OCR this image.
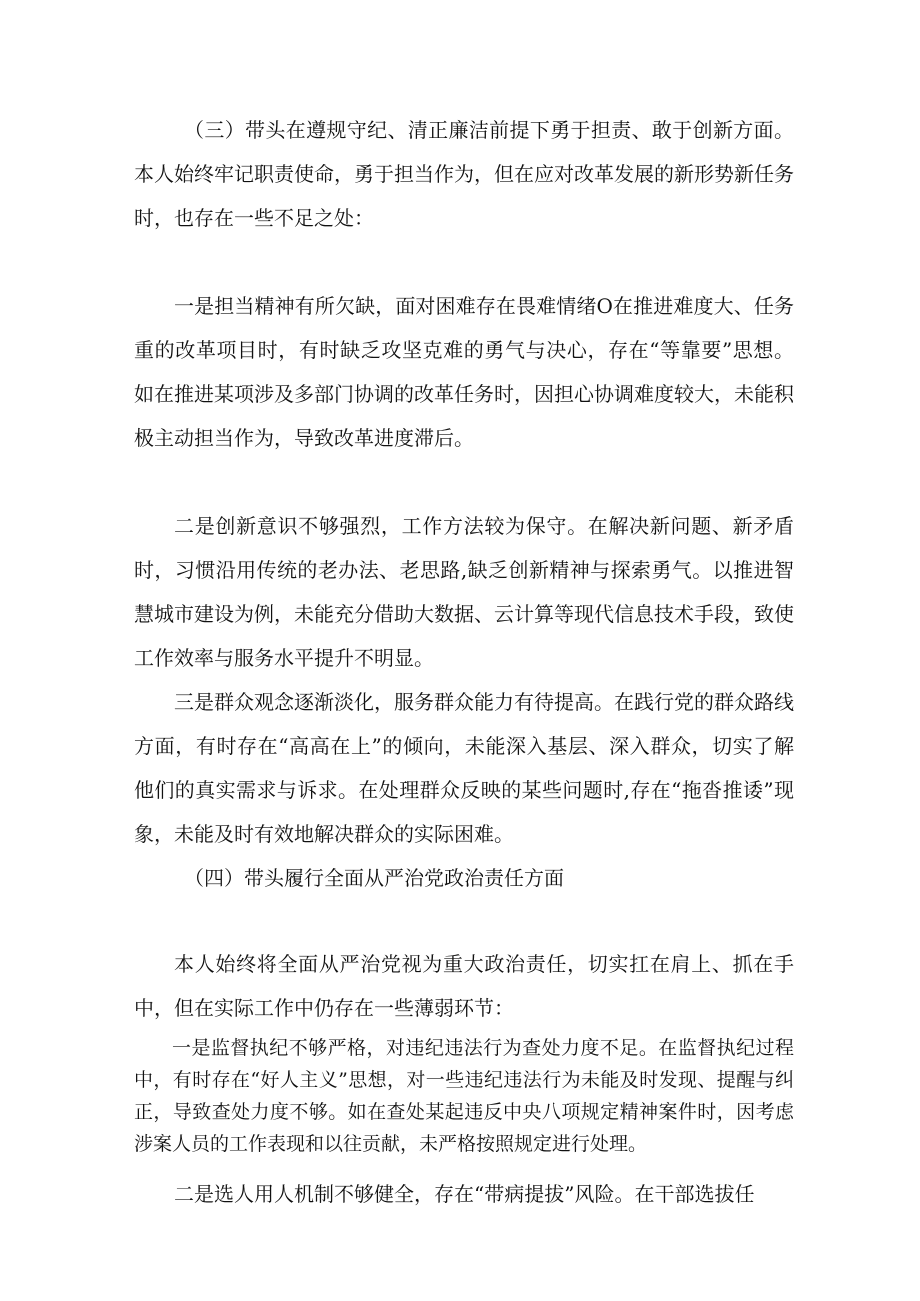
（三）带头在遵规守纪、清正廉洁前提下勇于担责、敢于创新方面。本人始终牢记职责使命，勇于担当作为，但在应对改革发展的新形势新任务时，也存在一些不足之处：

一是担当精神有所欠缺，面对困难存在畏难情绪O在推进难度大、任务重的改革项目时，有时缺乏攻坚克难的勇气与决心，存在“等靠要”思想。如在推进某项涉及多部门协调的改革任务时，因担心协调难度较大，未能积极主动担当作为，导致改革进度滞后。

二是创新意识不够强烈，工作方法较为保守。在解决新问题、新矛盾时，习惯沿用传统的老办法、老思路,缺乏创新精神与探索勇气。以推进智慧城市建设为例，未能充分借助大数据、云计算等现代信息技术手段，致使工作效率与服务水平提升不明显。

三是群众观念逐渐淡化，服务群众能力有待提高。在践行党的群众路线方面，有时存在“高高在上”的倾向，未能深入基层、深入群众，切实了解他们的真实需求与诉求。在处理群众反映的某些问题时,存在“拖沓推诿”现象，未能及时有效地解决群众的实际困难。

（四）带头履行全面从严治党政治责任方面

本人始终将全面从严治党视为重大政治责任，切实扛在肩上、抓在手中，但在实际工作中仍存在一些薄弱环节：

一是监督执纪不够严格，对违纪违法行为查处力度不足。在监督执纪过程中，有时存在“好人主义”思想，对一些违纪违法行为未能及时发现、提醒与纠正，导致查处力度不够。如在查处某起违反中央八项规定精神案件时，因考虑涉案人员的工作表现和以往贡献，未严格按照规定进行处理。

二是选人用人机制不够健全，存在“带病提拔”风险。在干部选拔任
